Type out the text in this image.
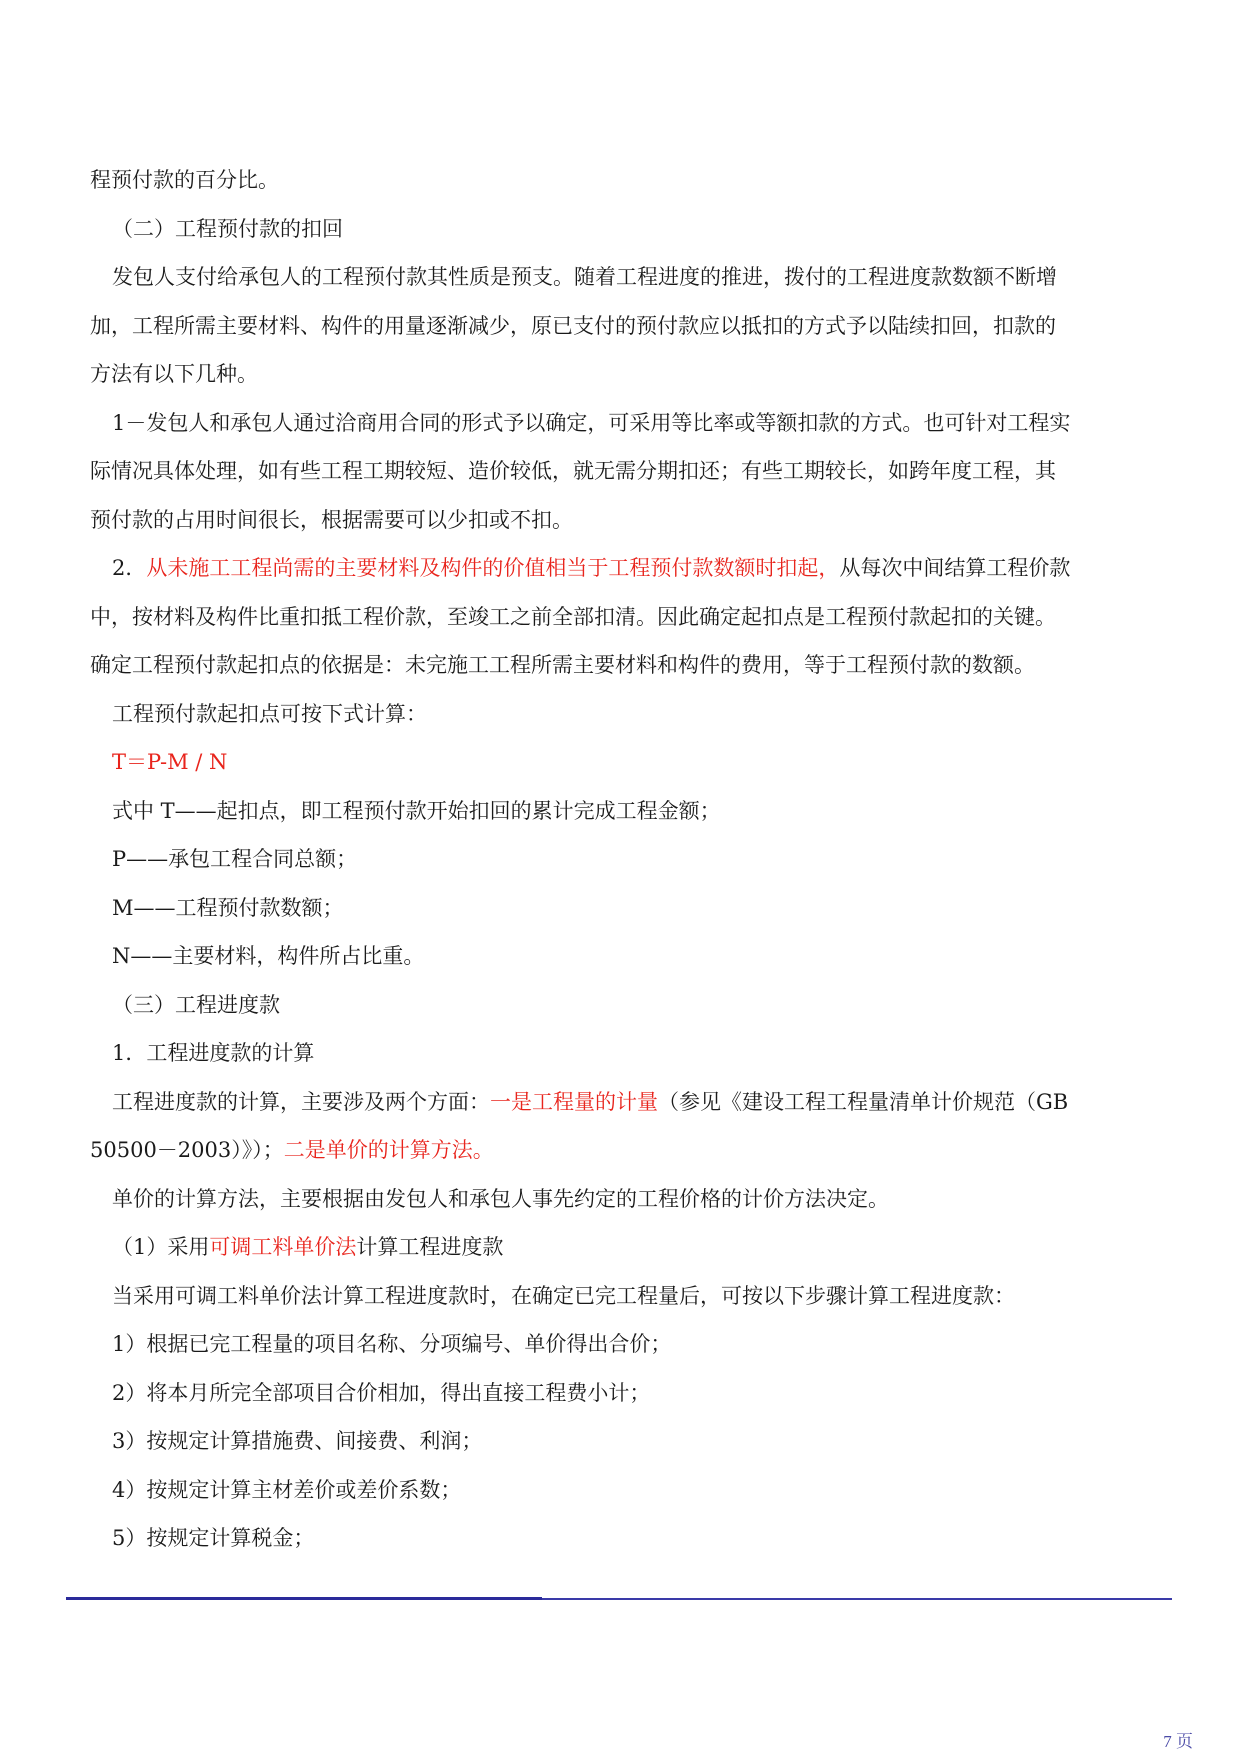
程预付款的百分比。

（二）工程预付款的扣回

发包人支付给承包人的工程预付款其性质是预支。随着工程进度的推进，拨付的工程进度款数额不断增

加，工程所需主要材料、构件的用量逐渐减少，原已支付的预付款应以抵扣的方式予以陆续扣回，扣款的

方法有以下几种。

1－发包人和承包人通过洽商用合同的形式予以确定，可采用等比率或等额扣款的方式。也可针对工程实

际情况具体处理，如有些工程工期较短、造价较低，就无需分期扣还；有些工期较长，如跨年度工程，其

预付款的占用时间很长，根据需要可以少扣或不扣。

2．从未施工工程尚需的主要材料及构件的价值相当于工程预付款数额时扣起，从每次中间结算工程价款

中，按材料及构件比重扣抵工程价款，至竣工之前全部扣清。因此确定起扣点是工程预付款起扣的关键。

确定工程预付款起扣点的依据是：未完施工工程所需主要材料和构件的费用，等于工程预付款的数额。

工程预付款起扣点可按下式计算：

T＝P-M / N

式中 T——起扣点，即工程预付款开始扣回的累计完成工程金额；

P——承包工程合同总额；

M——工程预付款数额；

N——主要材料，构件所占比重。

（三）工程进度款

1．工程进度款的计算

工程进度款的计算，主要涉及两个方面：一是工程量的计量（参见《建设工程工程量清单计价规范（GB

50500－2003）》）；二是单价的计算方法。

单价的计算方法，主要根据由发包人和承包人事先约定的工程价格的计价方法决定。

（1）采用可调工料单价法计算工程进度款

当采用可调工料单价法计算工程进度款时，在确定已完工程量后，可按以下步骤计算工程进度款：

1）根据已完工程量的项目名称、分项编号、单价得出合价；

2）将本月所完全部项目合价相加，得出直接工程费小计；

3）按规定计算措施费、间接费、利润；

4）按规定计算主材差价或差价系数；

5）按规定计算税金；

7 页
